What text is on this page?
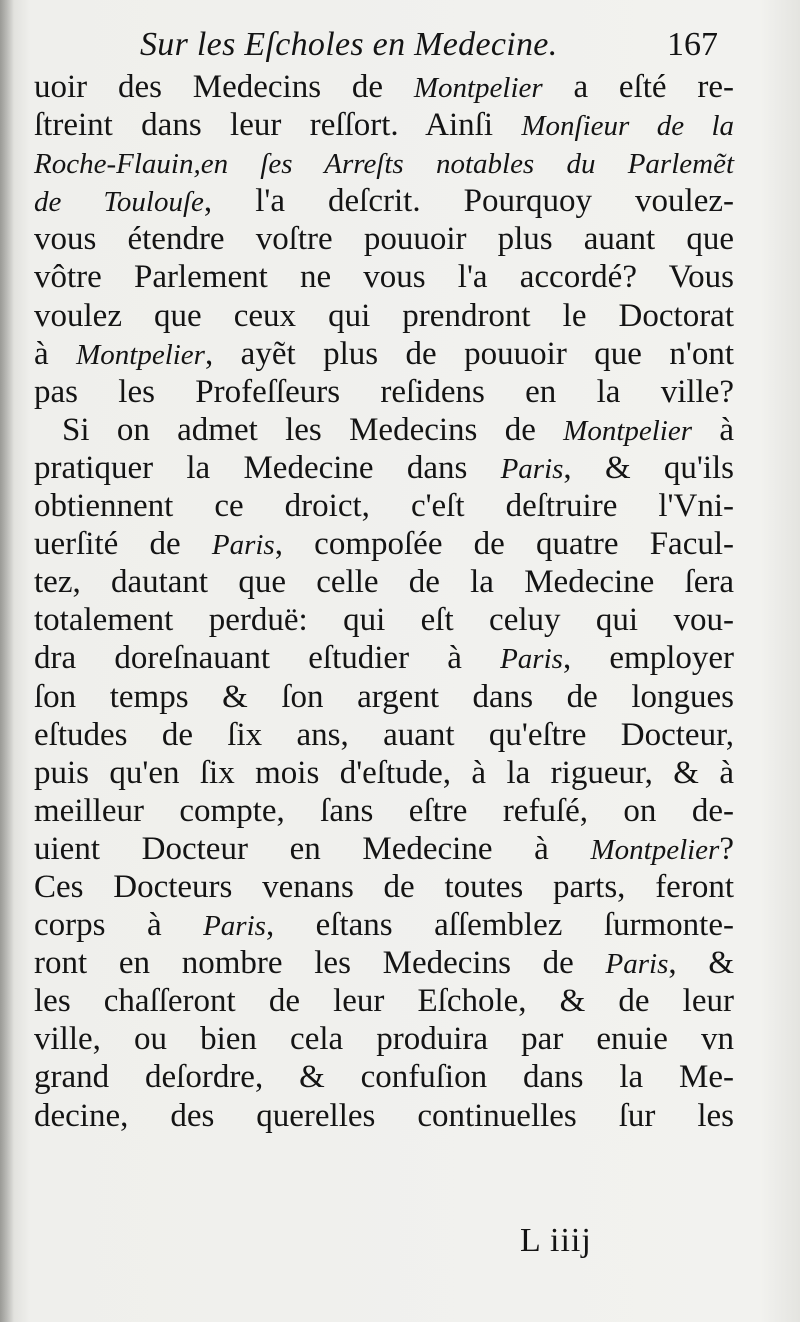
Sur les Eſcholes en Medecine.	167
uoir des Medecins de Montpelier a eſté re-
ſtreint dans leur reſſort. Ainſi Monſieur de la
Roche-Flauin,en ſes Arreſts notables du Parlemẽt
de Toulouſe, l'a deſcrit. Pourquoy voulez-
vous étendre voſtre pouuoir plus auant que
vôtre Parlement ne vous l'a accordé? Vous
voulez que ceux qui prendront le Doctorat
à Montpelier, ayẽt plus de pouuoir que n'ont
pas les Profeſſeurs reſidens en la ville?
Si on admet les Medecins de Montpelier à
pratiquer la Medecine dans Paris, & qu'ils
obtiennent ce droict, c'eſt deſtruire l'Vni-
uerſité de Paris, compoſée de quatre Facul-
tez, dautant que celle de la Medecine ſera
totalement perduë: qui eſt celuy qui vou-
dra doreſnauant eſtudier à Paris, employer
ſon temps & ſon argent dans de longues
eſtudes de ſix ans, auant qu'eſtre Docteur,
puis qu'en ſix mois d'eſtude, à la rigueur, & à
meilleur compte, ſans eſtre refuſé, on de-
uient Docteur en Medecine à Montpelier?
Ces Docteurs venans de toutes parts, feront
corps à Paris, eſtans aſſemblez ſurmonte-
ront en nombre les Medecins de Paris, &
les chaſſeront de leur Eſchole, & de leur
ville, ou bien cela produira par enuie vn
grand deſordre, & confuſion dans la Me-
decine, des querelles continuelles ſur les
L iiij
